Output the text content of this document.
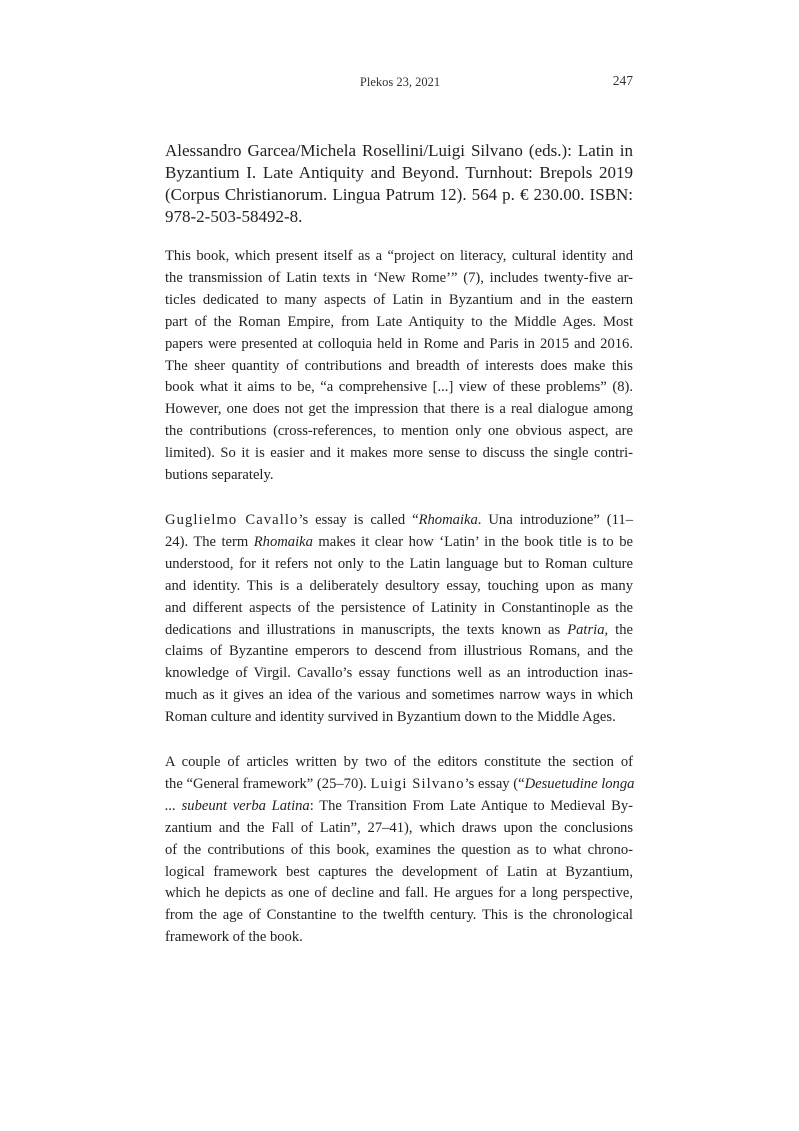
Plekos 23, 2021	247
Alessandro Garcea/Michela Rosellini/Luigi Silvano (eds.): Latin in
Byzantium I. Late Antiquity and Beyond. Turnhout: Brepols 2019
(Corpus Christianorum. Lingua Patrum 12). 564 p. € 230.00. ISBN:
978-2-503-58492-8.
This book, which present itself as a “project on literacy, cultural identity and
the transmission of Latin texts in ‘New Rome’” (7), includes twenty-five ar-
ticles dedicated to many aspects of Latin in Byzantium and in the eastern
part of the Roman Empire, from Late Antiquity to the Middle Ages. Most
papers were presented at colloquia held in Rome and Paris in 2015 and 2016.
The sheer quantity of contributions and breadth of interests does make this
book what it aims to be, “a comprehensive [...] view of these problems” (8).
However, one does not get the impression that there is a real dialogue among
the contributions (cross-references, to mention only one obvious aspect, are
limited). So it is easier and it makes more sense to discuss the single contri-
butions separately.
Guglielmo Cavallo’s essay is called “Rhomaika. Una introduzione” (11–
24). The term Rhomaika makes it clear how ‘Latin’ in the book title is to be
understood, for it refers not only to the Latin language but to Roman culture
and identity. This is a deliberately desultory essay, touching upon as many
and different aspects of the persistence of Latinity in Constantinople as the
dedications and illustrations in manuscripts, the texts known as Patria, the
claims of Byzantine emperors to descend from illustrious Romans, and the
knowledge of Virgil. Cavallo’s essay functions well as an introduction inas-
much as it gives an idea of the various and sometimes narrow ways in which
Roman culture and identity survived in Byzantium down to the Middle Ages.
A couple of articles written by two of the editors constitute the section of
the “General framework” (25–70). Luigi Silvano’s essay (“Desuetudine longa
... subeunt verba Latina: The Transition From Late Antique to Medieval By-
zantium and the Fall of Latin”, 27–41), which draws upon the conclusions
of the contributions of this book, examines the question as to what chrono-
logical framework best captures the development of Latin at Byzantium,
which he depicts as one of decline and fall. He argues for a long perspective,
from the age of Constantine to the twelfth century. This is the chronological
framework of the book.
